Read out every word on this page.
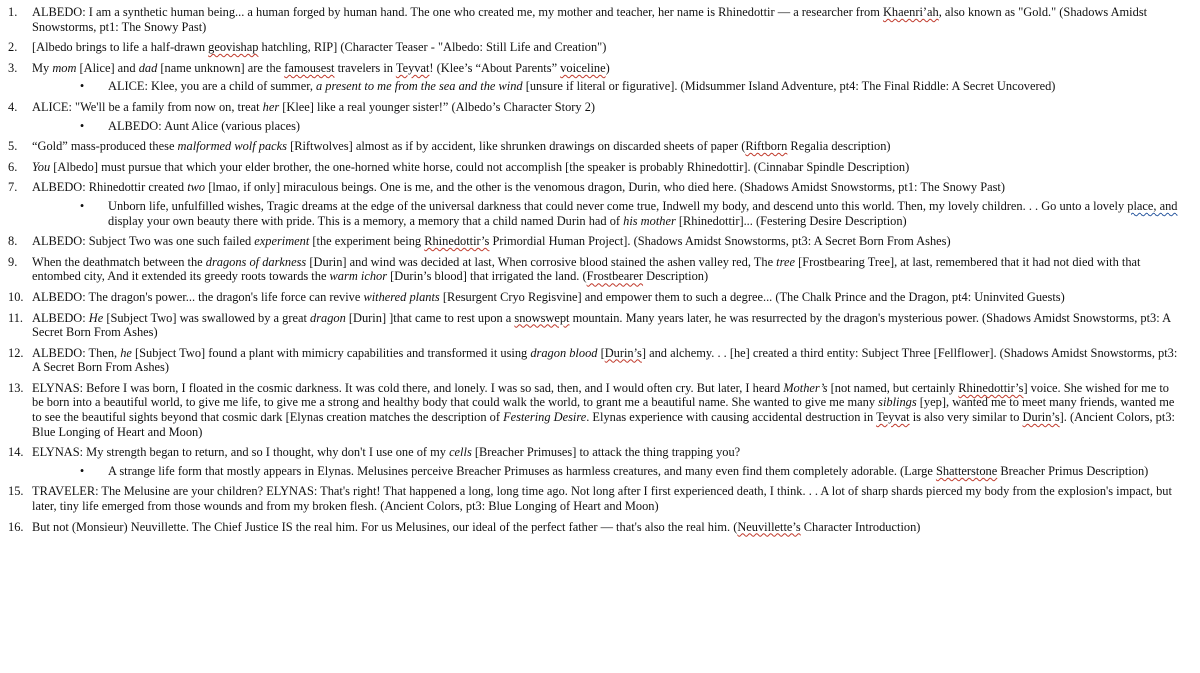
1.	ALBEDO: I am a synthetic human being... a human forged by human hand. The one who created me, my mother and teacher, her name is Rhinedottir — a researcher from Khaenri’ah, also known as "Gold." (Shadows Amidst Snowstorms, pt1: The Snowy Past)
2.	[Albedo brings to life a half-drawn geovishap hatchling, RIP] (Character Teaser - "Albedo: Still Life and Creation")
3.	My mom [Alice] and dad [name unknown] are the famousest travelers in Teyvat! (Klee’s “About Parents” voiceline)
•	ALICE: Klee, you are a child of summer, a present to me from the sea and the wind [unsure if literal or figurative]. (Midsummer Island Adventure, pt4: The Final Riddle: A Secret Uncovered)
4.	ALICE: "We'll be a family from now on, treat her [Klee] like a real younger sister!” (Albedo’s Character Story 2)
•	ALBEDO: Aunt Alice (various places)
5.	“Gold” mass-produced these malformed wolf packs [Riftwolves] almost as if by accident, like shrunken drawings on discarded sheets of paper (Riftborn Regalia description)
6.	You [Albedo] must pursue that which your elder brother, the one-horned white horse, could not accomplish [the speaker is probably Rhinedottir]. (Cinnabar Spindle Description)
7.	ALBEDO: Rhinedottir created two [lmao, if only] miraculous beings. One is me, and the other is the venomous dragon, Durin, who died here. (Shadows Amidst Snowstorms, pt1: The Snowy Past)
•	Unborn life, unfulfilled wishes, Tragic dreams at the edge of the universal darkness that could never come true, Indwell my body, and descend unto this world. Then, my lovely children. . . Go unto a lovely place, and display your own beauty there with pride. This is a memory, a memory that a child named Durin had of his mother [Rhinedottir]... (Festering Desire Description)
8.	ALBEDO: Subject Two was one such failed experiment [the experiment being Rhinedottir’s Primordial Human Project]. (Shadows Amidst Snowstorms, pt3: A Secret Born From Ashes)
9.	When the deathmatch between the dragons of darkness [Durin] and wind was decided at last, When corrosive blood stained the ashen valley red, The tree [Frostbearing Tree], at last, remembered that it had not died with that entombed city, And it extended its greedy roots towards the warm ichor [Durin’s blood] that irrigated the land. (Frostbearer Description)
10. ALBEDO: The dragon's power... the dragon's life force can revive withered plants [Resurgent Cryo Regisvine] and empower them to such a degree... (The Chalk Prince and the Dragon, pt4: Uninvited Guests)
11. ALBEDO: He [Subject Two] was swallowed by a great dragon [Durin] ]that came to rest upon a snowswept mountain. Many years later, he was resurrected by the dragon's mysterious power. (Shadows Amidst Snowstorms, pt3: A Secret Born From Ashes)
12. ALBEDO: Then, he [Subject Two] found a plant with mimicry capabilities and transformed it using dragon blood [Durin’s] and alchemy. . . [he] created a third entity: Subject Three [Fellflower]. (Shadows Amidst Snowstorms, pt3: A Secret Born From Ashes)
13. ELYNAS: Before I was born, I floated in the cosmic darkness. It was cold there, and lonely. I was so sad, then, and I would often cry. But later, I heard Mother’s [not named, but certainly Rhinedottir’s] voice. She wished for me to be born into a beautiful world, to give me life, to give me a strong and healthy body that could walk the world, to grant me a beautiful name. She wanted to give me many siblings [yep], wanted me to meet many friends, wanted me to see the beautiful sights beyond that cosmic dark [Elynas creation matches the description of Festering Desire. Elynas experience with causing accidental destruction in Teyvat is also very similar to Durin’s]. (Ancient Colors, pt3: Blue Longing of Heart and Moon)
14. ELYNAS: My strength began to return, and so I thought, why don't I use one of my cells [Breacher Primuses] to attack the thing trapping you?
•	A strange life form that mostly appears in Elynas. Melusines perceive Breacher Primuses as harmless creatures, and many even find them completely adorable. (Large Shatterstone Breacher Primus Description)
15. TRAVELER: The Melusine are your children? ELYNAS: That's right! That happened a long, long time ago. Not long after I first experienced death, I think. . . A lot of sharp shards pierced my body from the explosion's impact, but later, tiny life emerged from those wounds and from my broken flesh. (Ancient Colors, pt3: Blue Longing of Heart and Moon)
16. But not (Monsieur) Neuvillette. The Chief Justice IS the real him. For us Melusines, our ideal of the perfect father — that's also the real him. (Neuvillette’s Character Introduction)
